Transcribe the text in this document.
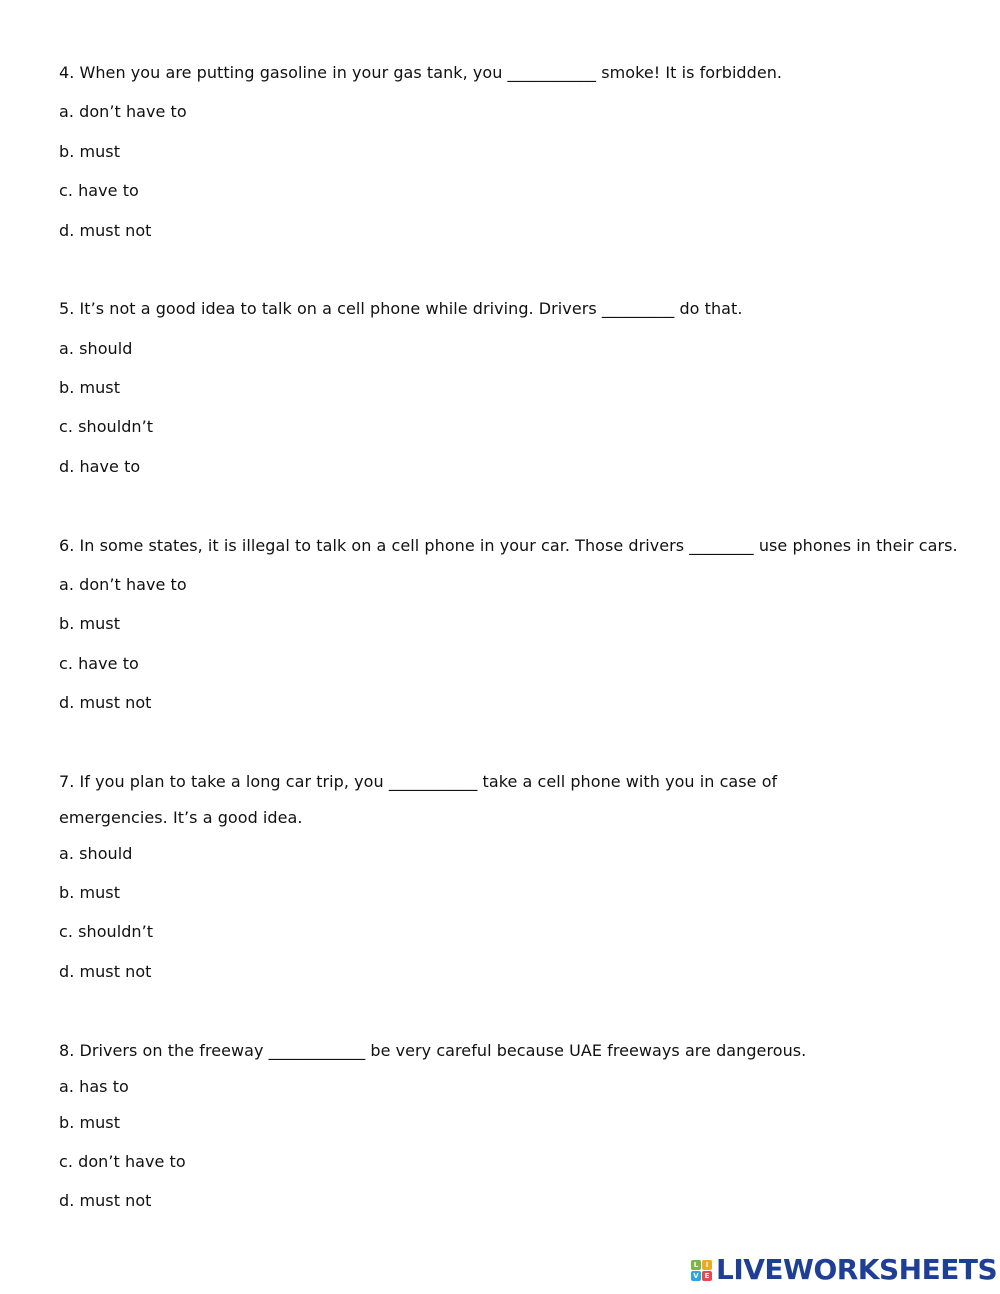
4. When you are putting gasoline in your gas tank, you ___________ smoke! It is forbidden.
a. don’t have to
b. must
c. have to
d. must not
5. It’s not a good idea to talk on a cell phone while driving. Drivers _________ do that.
a. should
b. must
c. shouldn’t
d. have to
6. In some states, it is illegal to talk on a cell phone in your car. Those drivers ________ use phones in their cars.
a. don’t have to
b. must
c. have to
d. must not
7. If you plan to take a long car trip, you ___________ take a cell phone with you in case of
emergencies. It’s a good idea.
a. should
b. must
c. shouldn’t
d. must not
8. Drivers on the freeway ____________ be very careful because UAE freeways are dangerous.
a. has to
b. must
c. don’t have to
d. must not
L	I
V E LIVEWORKSHEETS
